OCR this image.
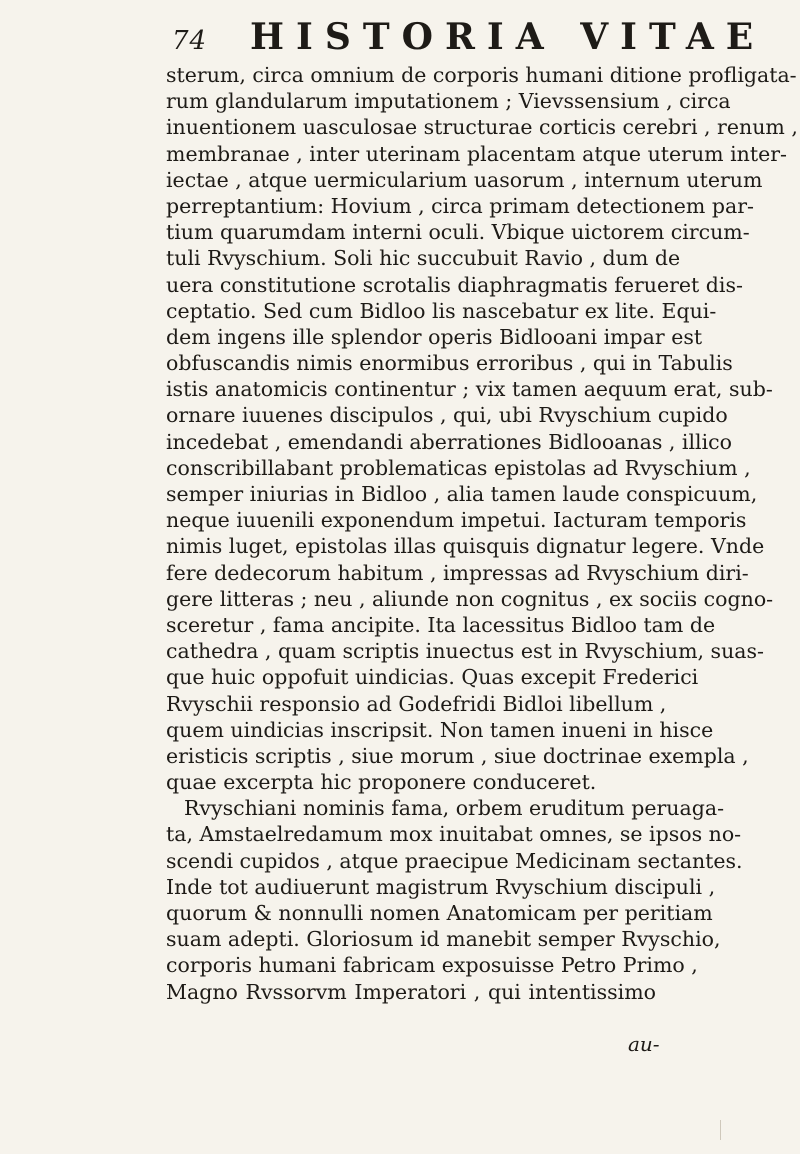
74 HISTORIA VITAE
sterum, circa omnium de corporis humani ditione profligata-
rum glandularum imputationem ; Vievssensium , circa
inuentionem uasculosae structurae corticis cerebri , renum ,
membranae , inter uterinam placentam atque uterum inter-
iectae , atque uermicularium uasorum , internum uterum
perreptantium: Hovium , circa primam detectionem par-
tium quarumdam interni oculi. Vbique uictorem circum-
tuli Rvyschium. Soli hic succubuit Ravio , dum de
uera constitutione scrotalis diaphragmatis ferueret dis-
ceptatio. Sed cum Bidloo lis nascebatur ex lite. Equi-
dem ingens ille splendor operis Bidlooani impar est
obfuscandis nimis enormibus erroribus , qui in Tabulis
istis anatomicis continentur ; vix tamen aequum erat, sub-
ornare iuuenes discipulos , qui, ubi Rvyschium cupido
incedebat , emendandi aberrationes Bidlooanas , illico
conscribillabant problematicas epistolas ad Rvyschium ,
semper iniurias in Bidloo , alia tamen laude conspicuum,
neque iuuenili exponendum impetui. Iacturam temporis
nimis luget, epistolas illas quisquis dignatur legere. Vnde
fere dedecorum habitum , impressas ad Rvyschium diri-
gere litteras ; neu , aliunde non cognitus , ex sociis cogno-
sceretur , fama ancipite. Ita lacessitus Bidloo tam de
cathedra , quam scriptis inuectus est in Rvyschium, suas-
que huic oppofuit uindicias. Quas excepit Frederici
Rvyschii responsio ad Godefridi Bidloi libellum ,
quem uindicias inscripsit. Non tamen inueni in hisce
eristicis scriptis , siue morum , siue doctrinae exempla ,
quae excerpta hic proponere conduceret.
Rvyschiani nominis fama, orbem eruditum peruaga-
ta, Amstaelredamum mox inuitabat omnes, se ipsos no-
scendi cupidos , atque praecipue Medicinam sectantes.
Inde tot audiuerunt magistrum Rvyschium discipuli ,
quorum & nonnulli nomen Anatomicam per peritiam
suam adepti. Gloriosum id manebit semper Rvyschio,
corporis humani fabricam exposuisse Petro Primo ,
Magno Rvssorvm Imperatori , qui intentissimo
au-
